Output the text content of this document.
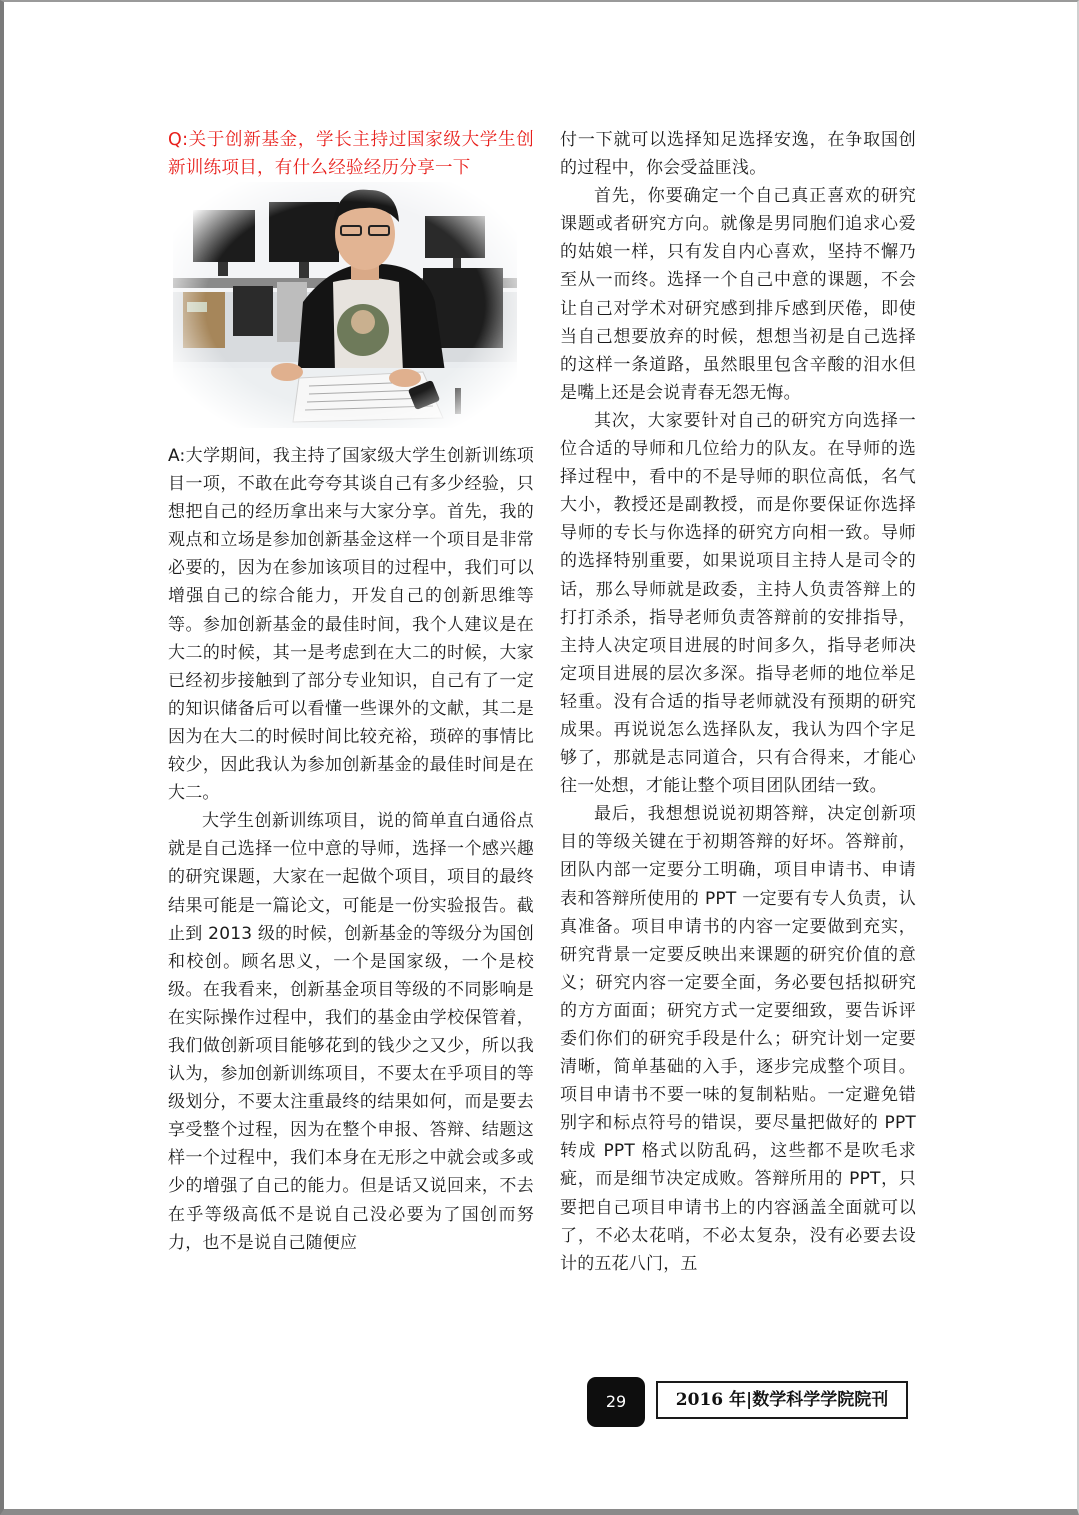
Q:关于创新基金，学长主持过国家级大学生创新训练项目，有什么经验经历分享一下

A:大学期间，我主持了国家级大学生创新训练项目一项，不敢在此夸夸其谈自己有多少经验，只想把自己的经历拿出来与大家分享。首先，我的观点和立场是参加创新基金这样一个项目是非常必要的，因为在参加该项目的过程中，我们可以增强自己的综合能力，开发自己的创新思维等等。参加创新基金的最佳时间，我个人建议是在大二的时候，其一是考虑到在大二的时候，大家已经初步接触到了部分专业知识，自己有了一定的知识储备后可以看懂一些课外的文献，其二是因为在大二的时候时间比较充裕，琐碎的事情比较少，因此我认为参加创新基金的最佳时间是在大二。

大学生创新训练项目，说的简单直白通俗点就是自己选择一位中意的导师，选择一个感兴趣的研究课题，大家在一起做个项目，项目的最终结果可能是一篇论文，可能是一份实验报告。截止到 2013 级的时候，创新基金的等级分为国创和校创。顾名思义，一个是国家级，一个是校级。在我看来，创新基金项目等级的不同影响是在实际操作过程中，我们的基金由学校保管着，我们做创新项目能够花到的钱少之又少，所以我认为，参加创新训练项目，不要太在乎项目的等级划分，不要太注重最终的结果如何，而是要去享受整个过程，因为在整个申报、答辩、结题这样一个过程中，我们本身在无形之中就会或多或少的增强了自己的能力。但是话又说回来，不去在乎等级高低不是说自己没必要为了国创而努力，也不是说自己随便应

付一下就可以选择知足选择安逸，在争取国创的过程中，你会受益匪浅。

首先，你要确定一个自己真正喜欢的研究课题或者研究方向。就像是男同胞们追求心爱的姑娘一样，只有发自内心喜欢，坚持不懈乃至从一而终。选择一个自己中意的课题，不会让自己对学术对研究感到排斥感到厌倦，即使当自己想要放弃的时候，想想当初是自己选择的这样一条道路，虽然眼里包含辛酸的泪水但是嘴上还是会说青春无怨无悔。

其次，大家要针对自己的研究方向选择一位合适的导师和几位给力的队友。在导师的选择过程中，看中的不是导师的职位高低，名气大小，教授还是副教授，而是你要保证你选择导师的专长与你选择的研究方向相一致。导师的选择特别重要，如果说项目主持人是司令的话，那么导师就是政委，主持人负责答辩上的打打杀杀，指导老师负责答辩前的安排指导，主持人决定项目进展的时间多久，指导老师决定项目进展的层次多深。指导老师的地位举足轻重。没有合适的指导老师就没有预期的研究成果。再说说怎么选择队友，我认为四个字足够了，那就是志同道合，只有合得来，才能心往一处想，才能让整个项目团队团结一致。

最后，我想想说说初期答辩，决定创新项目的等级关键在于初期答辩的好坏。答辩前，团队内部一定要分工明确，项目申请书、申请表和答辩所使用的 PPT 一定要有专人负责，认真准备。项目申请书的内容一定要做到充实，研究背景一定要反映出来课题的研究价值的意义；研究内容一定要全面，务必要包括拟研究的方方面面；研究方式一定要细致，要告诉评委们你们的研究手段是什么；研究计划一定要清晰，简单基础的入手，逐步完成整个项目。项目申请书不要一味的复制粘贴。一定避免错别字和标点符号的错误，要尽量把做好的 PPT 转成 PPT 格式以防乱码，这些都不是吹毛求疵，而是细节决定成败。答辩所用的 PPT，只要把自己项目申请书上的内容涵盖全面就可以了，不必太花哨，不必太复杂，没有必要去设计的五花八门，五

29	2016 年|数学科学学院院刊
